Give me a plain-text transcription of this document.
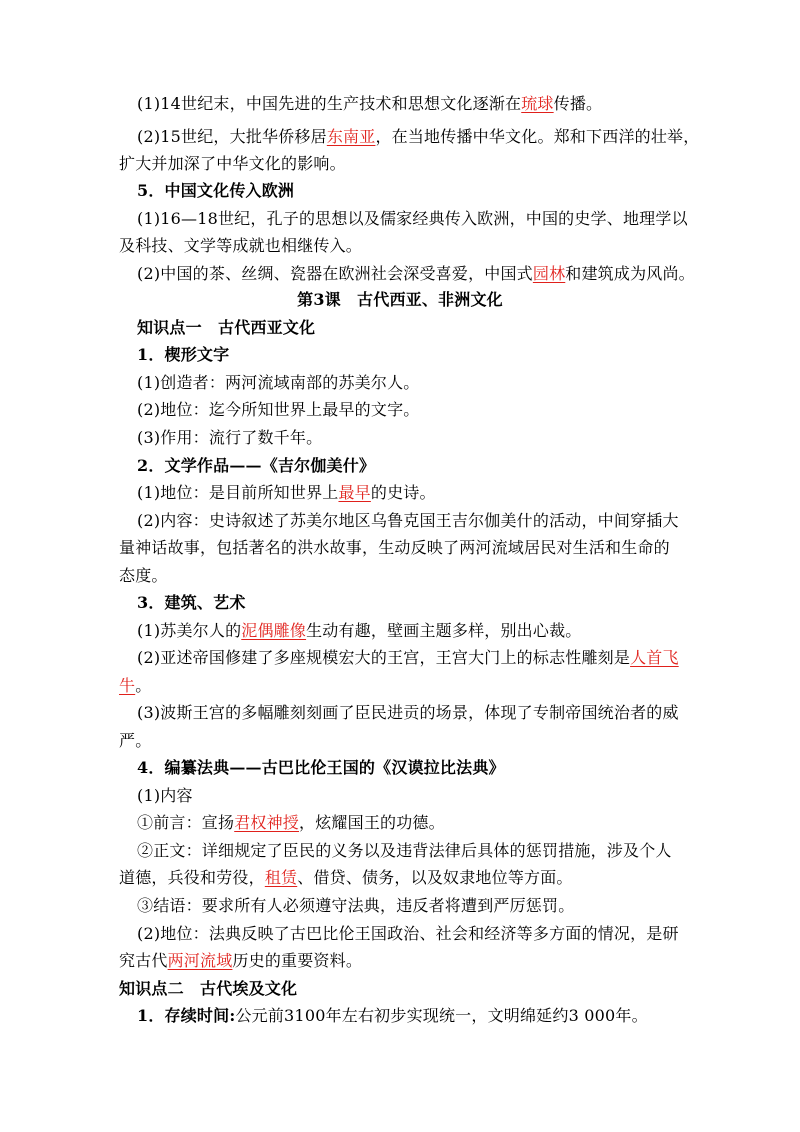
(1)14世纪末，中国先进的生产技术和思想文化逐渐在琉球传播。
(2)15世纪，大批华侨移居东南亚，在当地传播中华文化。郑和下西洋的壮举，
扩大并加深了中华文化的影响。
5．中国文化传入欧洲
(1)16—18世纪，孔子的思想以及儒家经典传入欧洲，中国的史学、地理学以
及科技、文学等成就也相继传入。
(2)中国的茶、丝绸、瓷器在欧洲社会深受喜爱，中国式园林和建筑成为风尚。
第3课　古代西亚、非洲文化
知识点一　古代西亚文化
1．楔形文字
(1)创造者：两河流域南部的苏美尔人。
(2)地位：迄今所知世界上最早的文字。
(3)作用：流行了数千年。
2．文学作品——《吉尔伽美什》
(1)地位：是目前所知世界上最早的史诗。
(2)内容：史诗叙述了苏美尔地区乌鲁克国王吉尔伽美什的活动，中间穿插大
量神话故事，包括著名的洪水故事，生动反映了两河流域居民对生活和生命的
态度。
3．建筑、艺术
(1)苏美尔人的泥偶雕像生动有趣，壁画主题多样，别出心裁。
(2)亚述帝国修建了多座规模宏大的王宫，王宫大门上的标志性雕刻是人首飞
牛。
(3)波斯王宫的多幅雕刻刻画了臣民进贡的场景，体现了专制帝国统治者的威
严。
4．编纂法典——古巴比伦王国的《汉谟拉比法典》
(1)内容
①前言：宣扬君权神授，炫耀国王的功德。
②正文：详细规定了臣民的义务以及违背法律后具体的惩罚措施，涉及个人
道德，兵役和劳役，租赁、借贷、债务，以及奴隶地位等方面。
③结语：要求所有人必须遵守法典，违反者将遭到严厉惩罚。
(2)地位：法典反映了古巴比伦王国政治、社会和经济等多方面的情况，是研
究古代两河流域历史的重要资料。
知识点二　古代埃及文化
1．存续时间:公元前3100年左右初步实现统一，文明绵延约3 000年。
